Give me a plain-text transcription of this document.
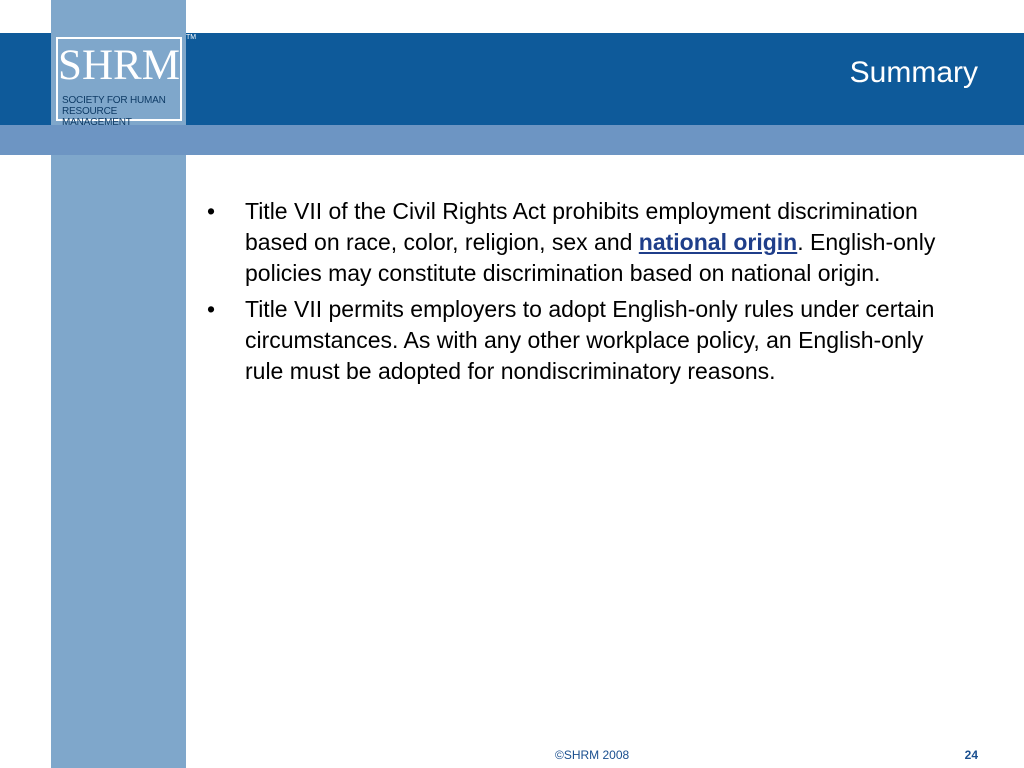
SHRM
SOCIETY FOR HUMAN
RESOURCE MANAGEMENT
TM
Summary

• Title VII of the Civil Rights Act prohibits employment discrimination based on race, color, religion, sex and national origin. English-only policies may constitute discrimination based on national origin.

• Title VII permits employers to adopt English-only rules under certain circumstances. As with any other workplace policy, an English-only rule must be adopted for nondiscriminatory reasons.

©SHRM 2008	24
